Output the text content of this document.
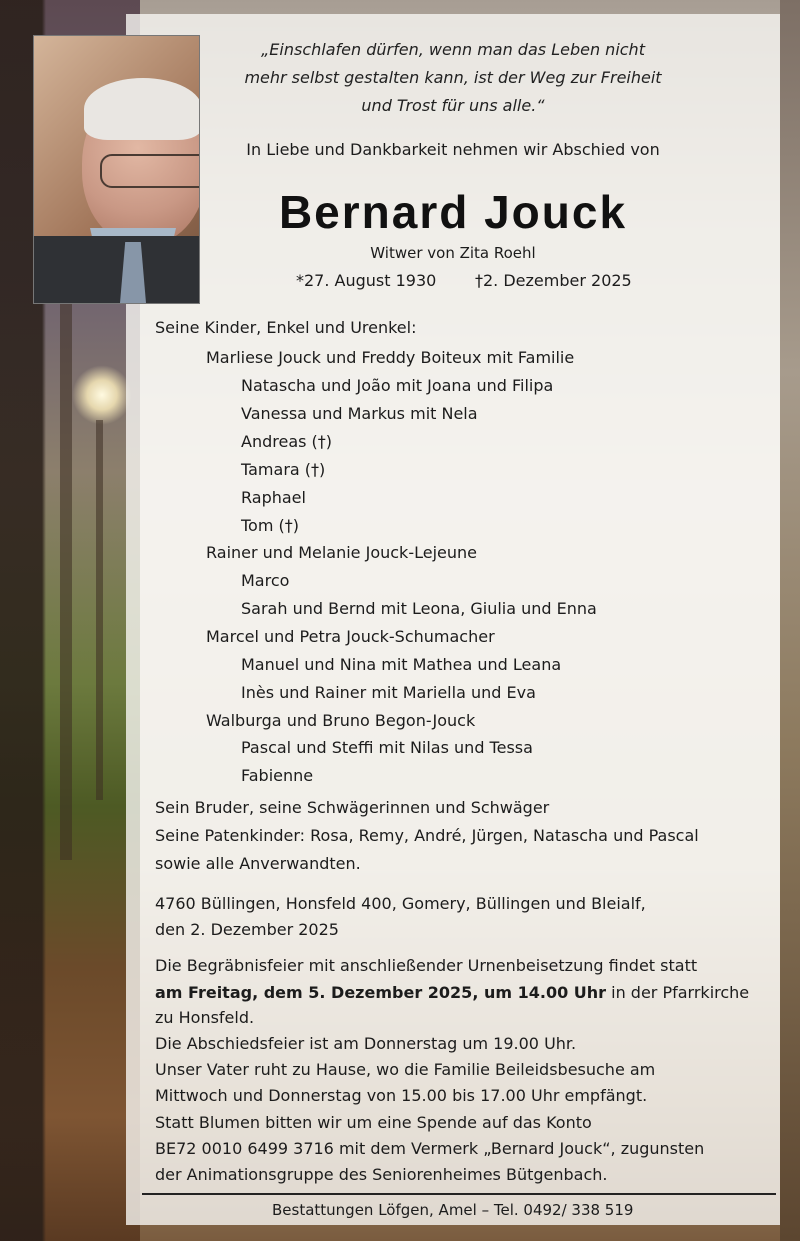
„Einschlafen dürfen, wenn man das Leben nicht

mehr selbst gestalten kann, ist der Weg zur Freiheit

und Trost für uns alle.“

In Liebe und Dankbarkeit nehmen wir Abschied von

Bernard Jouck

Witwer von Zita Roehl

*27. August 1930 †2. Dezember 2025

Seine Kinder, Enkel und Urenkel:

Marliese Jouck und Freddy Boiteux mit Familie

Natascha und João mit Joana und Filipa

Vanessa und Markus mit Nela

Andreas (†)

Tamara (†)

Raphael

Tom (†)

Rainer und Melanie Jouck-Lejeune

Marco

Sarah und Bernd mit Leona, Giulia und Enna

Marcel und Petra Jouck-Schumacher

Manuel und Nina mit Mathea und Leana

Inès und Rainer mit Mariella und Eva

Walburga und Bruno Begon-Jouck

Pascal und Steffi mit Nilas und Tessa

Fabienne

Sein Bruder, seine Schwägerinnen und Schwäger

Seine Patenkinder: Rosa, Remy, André, Jürgen, Natascha und Pascal

sowie alle Anverwandten.

4760 Büllingen, Honsfeld 400, Gomery, Büllingen und Bleialf,

den 2. Dezember 2025

Die Begräbnisfeier mit anschließender Urnenbeisetzung findet statt

am Freitag, dem 5. Dezember 2025, um 14.00 Uhr in der Pfarrkirche

zu Honsfeld.

Die Abschiedsfeier ist am Donnerstag um 19.00 Uhr.

Unser Vater ruht zu Hause, wo die Familie Beileidsbesuche am

Mittwoch und Donnerstag von 15.00 bis 17.00 Uhr empfängt.

Statt Blumen bitten wir um eine Spende auf das Konto

BE72 0010 6499 3716 mit dem Vermerk „Bernard Jouck“, zugunsten

der Animationsgruppe des Seniorenheimes Bütgenbach.

Bestattungen Löfgen, Amel – Tel. 0492/ 338 519
